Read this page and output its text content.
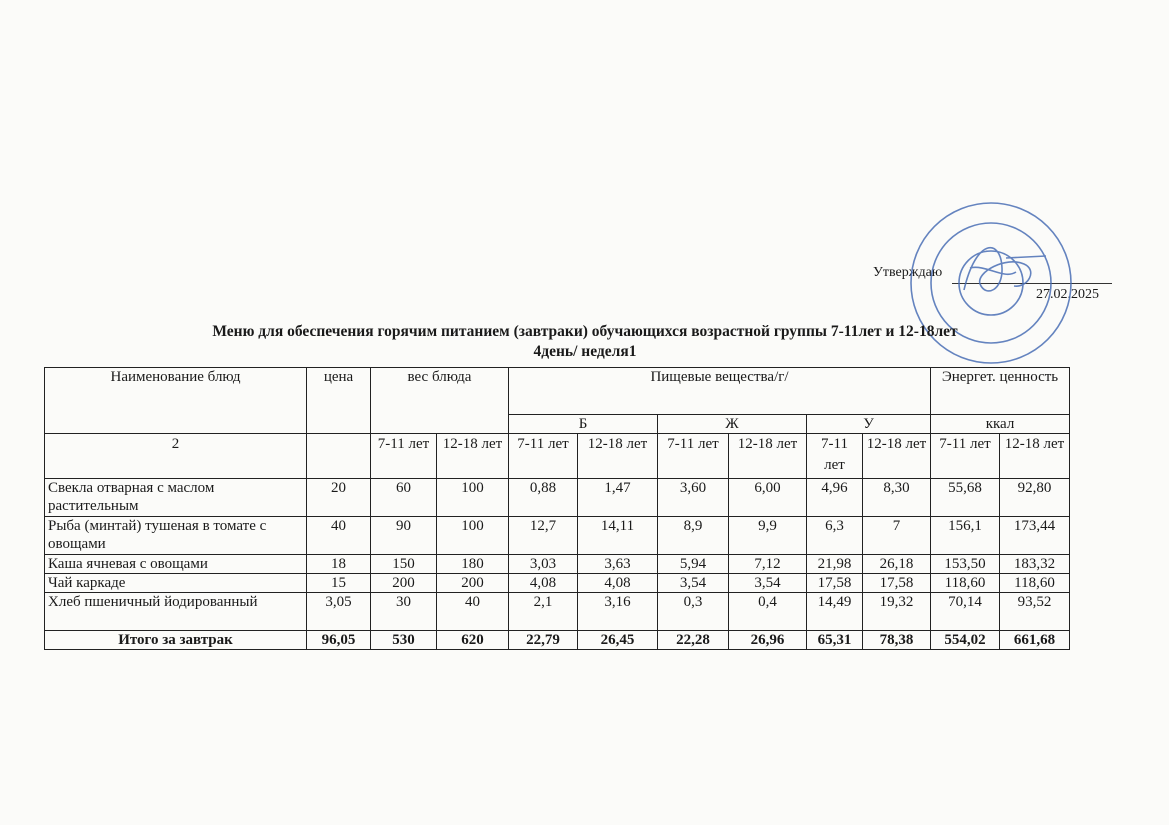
Утверждаю
27.02.2025
Меню для обеспечения горячим питанием (завтраки) обучающихся возрастной группы 7-11лет и 12-18лет
4день/ неделя1
Наименование блюд	цена	вес блюда		Пищевые вещества/г/						Энергет. ценность	
				Б		Ж		У		ккал	
2		7-11 лет	12-18 лет	7-11 лет	12-18 лет	7-11 лет	12-18 лет	7-11 лет	12-18 лет	7-11 лет	12-18 лет
Свекла отварная с маслом растительным	20	60	100	0,88	1,47	3,60	6,00	4,96	8,30	55,68	92,80
Рыба (минтай) тушеная в томате с овощами	40	90	100	12,7	14,11	8,9	9,9	6,3	7	156,1	173,44
Каша ячневая с овощами	18	150	180	3,03	3,63	5,94	7,12	21,98	26,18	153,50	183,32
Чай каркаде	15	200	200	4,08	4,08	3,54	3,54	17,58	17,58	118,60	118,60
Хлеб пшеничный йодированный	3,05	30	40	2,1	3,16	0,3	0,4	14,49	19,32	70,14	93,52
Итого за завтрак	96,05	530	620	22,79	26,45	22,28	26,96	65,31	78,38	554,02	661,68
